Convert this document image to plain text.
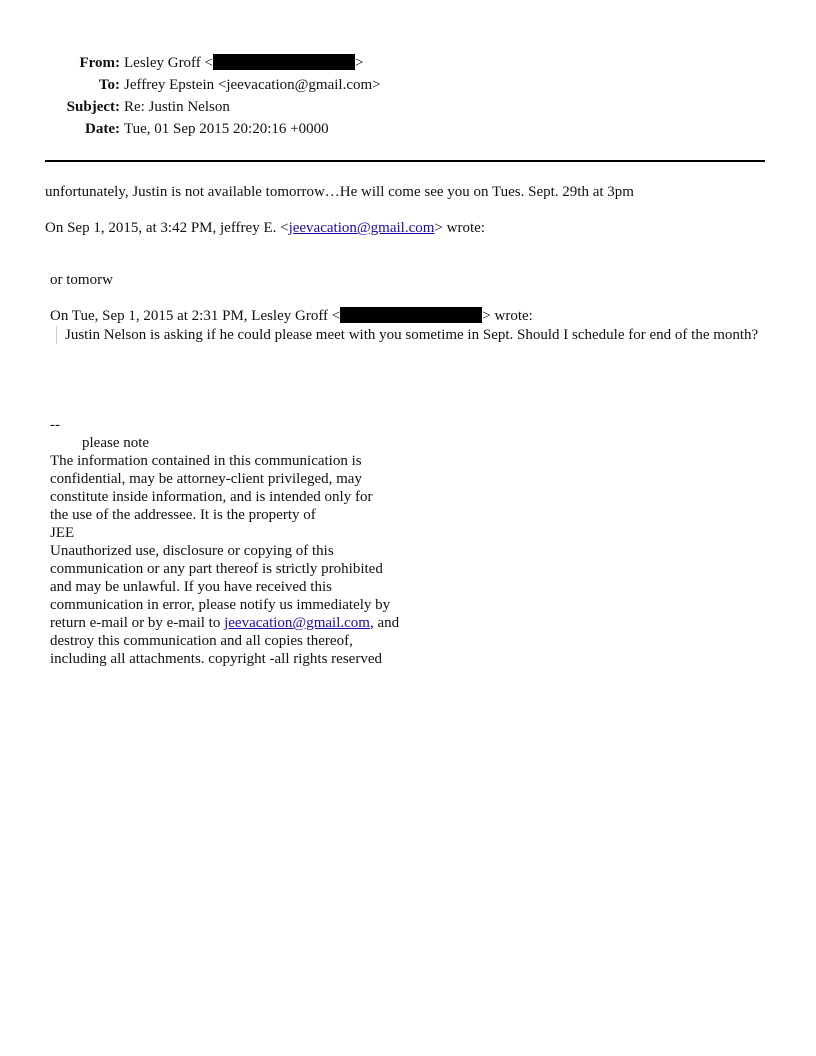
From: Lesley Groff <	>
To: Jeffrey Epstein <jeevacation@gmail.com>
Subject: Re: Justin Nelson
Date: Tue, 01 Sep 2015 20:20:16 +0000
unfortunately, Justin is not available tomorrow…He will come see you on Tues. Sept. 29th at 3pm
On Sep 1, 2015, at 3:42 PM, jeffrey E. <jeevacation@gmail.com> wrote:
or tomorw
On Tue, Sep 1, 2015 at 2:31 PM, Lesley Groff <	> wrote:
Justin Nelson is asking if he could please meet with you sometime in Sept. Should I schedule for end of the month?
--
please note
The information contained in this communication is
confidential, may be attorney-client privileged, may
constitute inside information, and is intended only for
the use of the addressee. It is the property of
JEE
Unauthorized use, disclosure or copying of this
communication or any part thereof is strictly prohibited
and may be unlawful. If you have received this
communication in error, please notify us immediately by
return e-mail or by e-mail to jeevacation@gmail.com, and
destroy this communication and all copies thereof,
including all attachments. copyright -all rights reserved
